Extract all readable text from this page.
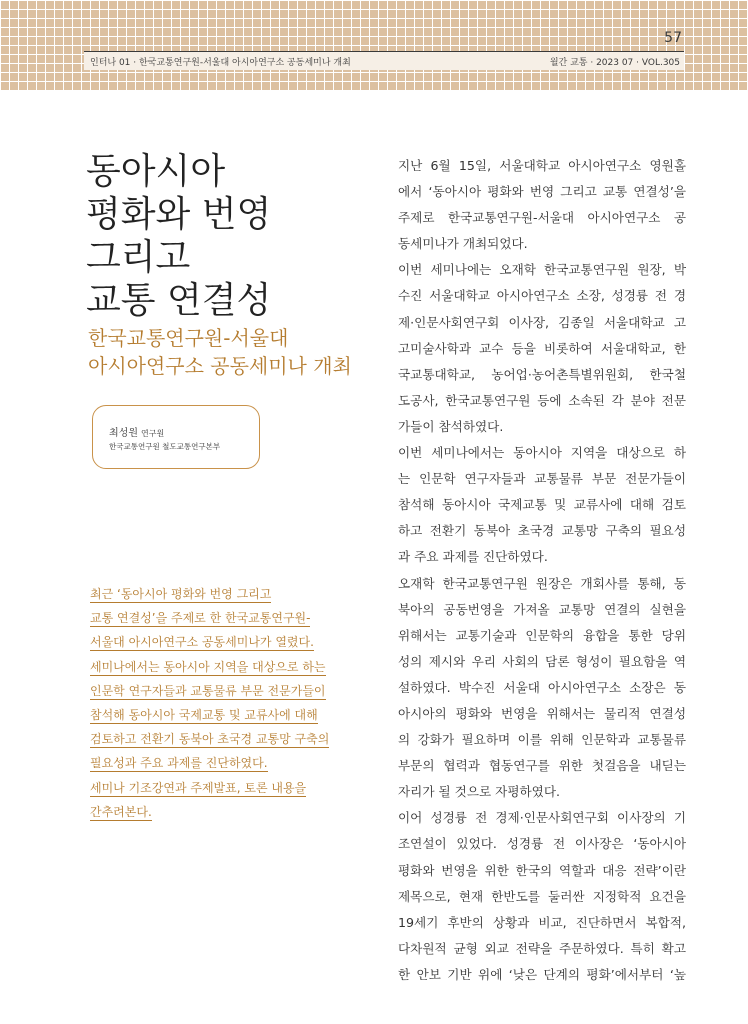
57
인터나 01 · 한국교통연구원-서울대 아시아연구소 공동세미나 개최	월간 교통 · 2023 07 · VOL.305
동아시아
평화와 번영
그리고
교통 연결성
한국교통연구원-서울대
아시아연구소 공동세미나 개최
최성원 연구원
한국교통연구원 철도교통연구본부
최근 ‘동아시아 평화와 번영 그리고
교통 연결성’을 주제로 한 한국교통연구원-
서울대 아시아연구소 공동세미나가 열렸다.
세미나에서는 동아시아 지역을 대상으로 하는
인문학 연구자들과 교통물류 부문 전문가들이
참석해 동아시아 국제교통 및 교류사에 대해
검토하고 전환기 동북아 초국경 교통망 구축의
필요성과 주요 과제를 진단하였다.
세미나 기조강연과 주제발표, 토론 내용을
간추려본다.
지난 6월 15일, 서울대학교 아시아연구소 영원홀
에서 ‘동아시아 평화와 번영 그리고 교통 연결성’을
주제로 한국교통연구원-서울대 아시아연구소 공
동세미나가 개최되었다.
이번 세미나에는 오재학 한국교통연구원 원장, 박
수진 서울대학교 아시아연구소 소장, 성경륭 전 경
제·인문사회연구회 이사장, 김종일 서울대학교 고
고미술사학과 교수 등을 비롯하여 서울대학교, 한
국교통대학교, 농어업·농어촌특별위원회, 한국철
도공사, 한국교통연구원 등에 소속된 각 분야 전문
가들이 참석하였다.
이번 세미나에서는 동아시아 지역을 대상으로 하
는 인문학 연구자들과 교통물류 부문 전문가들이
참석해 동아시아 국제교통 및 교류사에 대해 검토
하고 전환기 동북아 초국경 교통망 구축의 필요성
과 주요 과제를 진단하였다.
오재학 한국교통연구원 원장은 개회사를 통해, 동
북아의 공동번영을 가져올 교통망 연결의 실현을
위해서는 교통기술과 인문학의 융합을 통한 당위
성의 제시와 우리 사회의 담론 형성이 필요함을 역
설하였다. 박수진 서울대 아시아연구소 소장은 동
아시아의 평화와 번영을 위해서는 물리적 연결성
의 강화가 필요하며 이를 위해 인문학과 교통물류
부문의 협력과 협동연구를 위한 첫걸음을 내딛는
자리가 될 것으로 자평하였다.
이어 성경륭 전 경제·인문사회연구회 이사장의 기
조연설이 있었다. 성경륭 전 이사장은 ‘동아시아
평화와 번영을 위한 한국의 역할과 대응 전략’이란
제목으로, 현재 한반도를 둘러싼 지정학적 요건을
19세기 후반의 상황과 비교, 진단하면서 복합적,
다차원적 균형 외교 전략을 주문하였다. 특히 확고
한 안보 기반 위에 ‘낮은 단계의 평화’에서부터 ‘높
